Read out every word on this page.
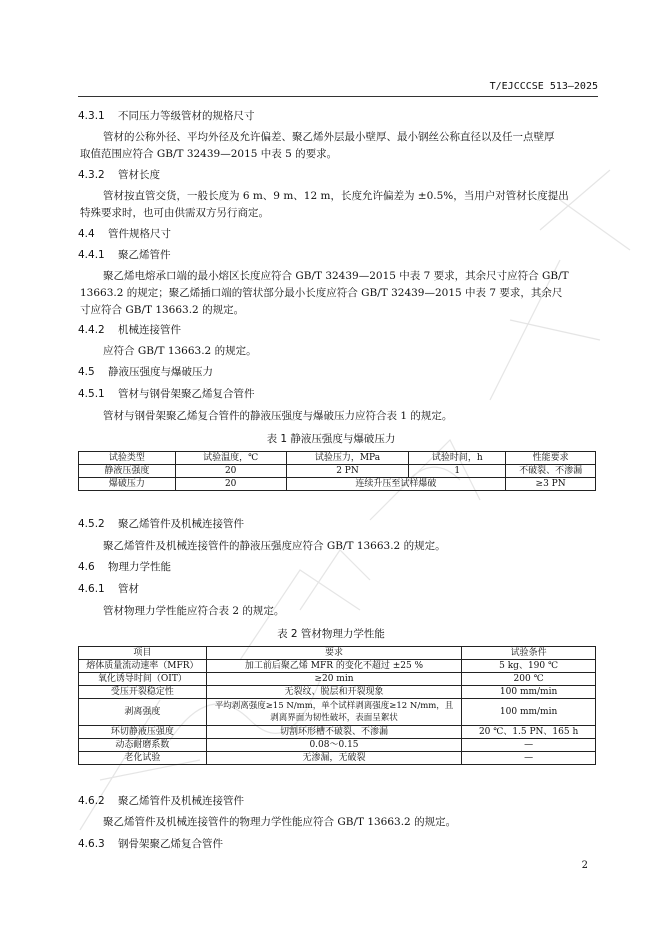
T/EJCCCSE 513—2025
4.3.1 不同压力等级管材的规格尺寸
管材的公称外径、平均外径及允许偏差、聚乙烯外层最小壁厚、最小钢丝公称直径以及任一点壁厚
取值范围应符合 GB/T 32439—2015 中表 5 的要求。
4.3.2 管材长度
管材按直管交货，一般长度为 6 m、9 m、12 m，长度允许偏差为 ±0.5%，当用户对管材长度提出
特殊要求时，也可由供需双方另行商定。
4.4 管件规格尺寸
4.4.1 聚乙烯管件
聚乙烯电熔承口端的最小熔区长度应符合 GB/T 32439—2015 中表 7 要求，其余尺寸应符合 GB/T
13663.2 的规定；聚乙烯插口端的管状部分最小长度应符合 GB/T 32439—2015 中表 7 要求，其余尺
寸应符合 GB/T 13663.2 的规定。
4.4.2 机械连接管件
应符合 GB/T 13663.2 的规定。
4.5 静液压强度与爆破压力
4.5.1 管材与钢骨架聚乙烯复合管件
管材与钢骨架聚乙烯复合管件的静液压强度与爆破压力应符合表 1 的规定。
表 1 静液压强度与爆破压力
试验类型	试验温度，℃	试验压力，MPa	试验时间，h	性能要求
静液压强度	20	2 PN	1	不破裂、不渗漏
爆破压力	20	连续升压至试样爆破		≥3 PN
4.5.2 聚乙烯管件及机械连接管件
聚乙烯管件及机械连接管件的静液压强度应符合 GB/T 13663.2 的规定。
4.6 物理力学性能
4.6.1 管材
管材物理力学性能应符合表 2 的规定。
表 2 管材物理力学性能
项目	要求	试验条件
熔体质量流动速率（MFR）	加工前后聚乙烯 MFR 的变化不超过 ±25 %	5 kg、190 ℃
氧化诱导时间（OIT）	≥20 min	200 ℃
受压开裂稳定性	无裂纹、脱层和开裂现象	100 mm/min
剥离强度	平均剥离强度≥15 N/mm，单个试样剥离强度≥12 N/mm，且
剥离界面为韧性破坏，表面呈絮状	100 mm/min
环切静液压强度	切割环形槽不破裂、不渗漏	20 ℃、1.5 PN、165 h
动态耐磨系数	0.08～0.15	—
老化试验	无渗漏，无破裂	—
4.6.2 聚乙烯管件及机械连接管件
聚乙烯管件及机械连接管件的物理力学性能应符合 GB/T 13663.2 的规定。
4.6.3 钢骨架聚乙烯复合管件
2
